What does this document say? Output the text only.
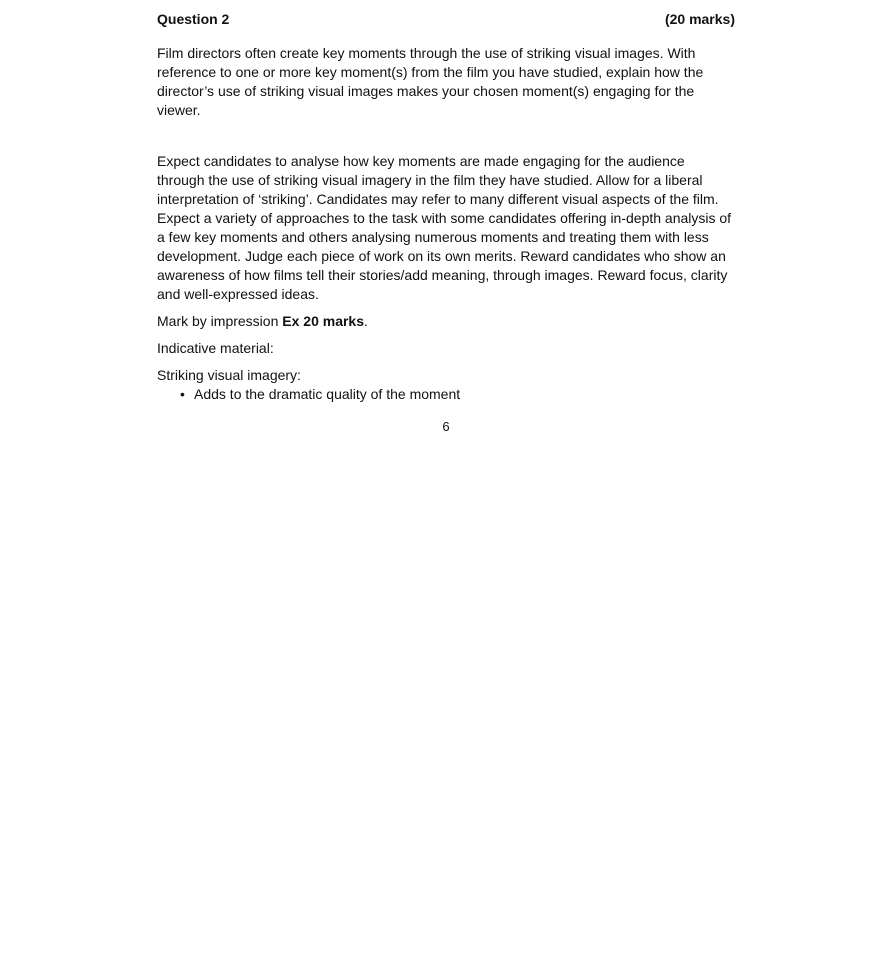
Question 2	(20 marks)
Film directors often create key moments through the use of striking visual images. With reference to one or more key moment(s) from the film you have studied, explain how the director’s use of striking visual images makes your chosen moment(s) engaging for the viewer.
Expect candidates to analyse how key moments are made engaging for the audience through the use of striking visual imagery in the film they have studied. Allow for a liberal interpretation of ‘striking’. Candidates may refer to many different visual aspects of the film. Expect a variety of approaches to the task with some candidates offering in-depth analysis of a few key moments and others analysing numerous moments and treating them with less development. Judge each piece of work on its own merits. Reward candidates who show an awareness of how films tell their stories/add meaning, through images. Reward focus, clarity and well-expressed ideas.
Mark by impression Ex 20 marks.
Indicative material:
Striking visual imagery:
• Adds to the dramatic quality of the moment
6
